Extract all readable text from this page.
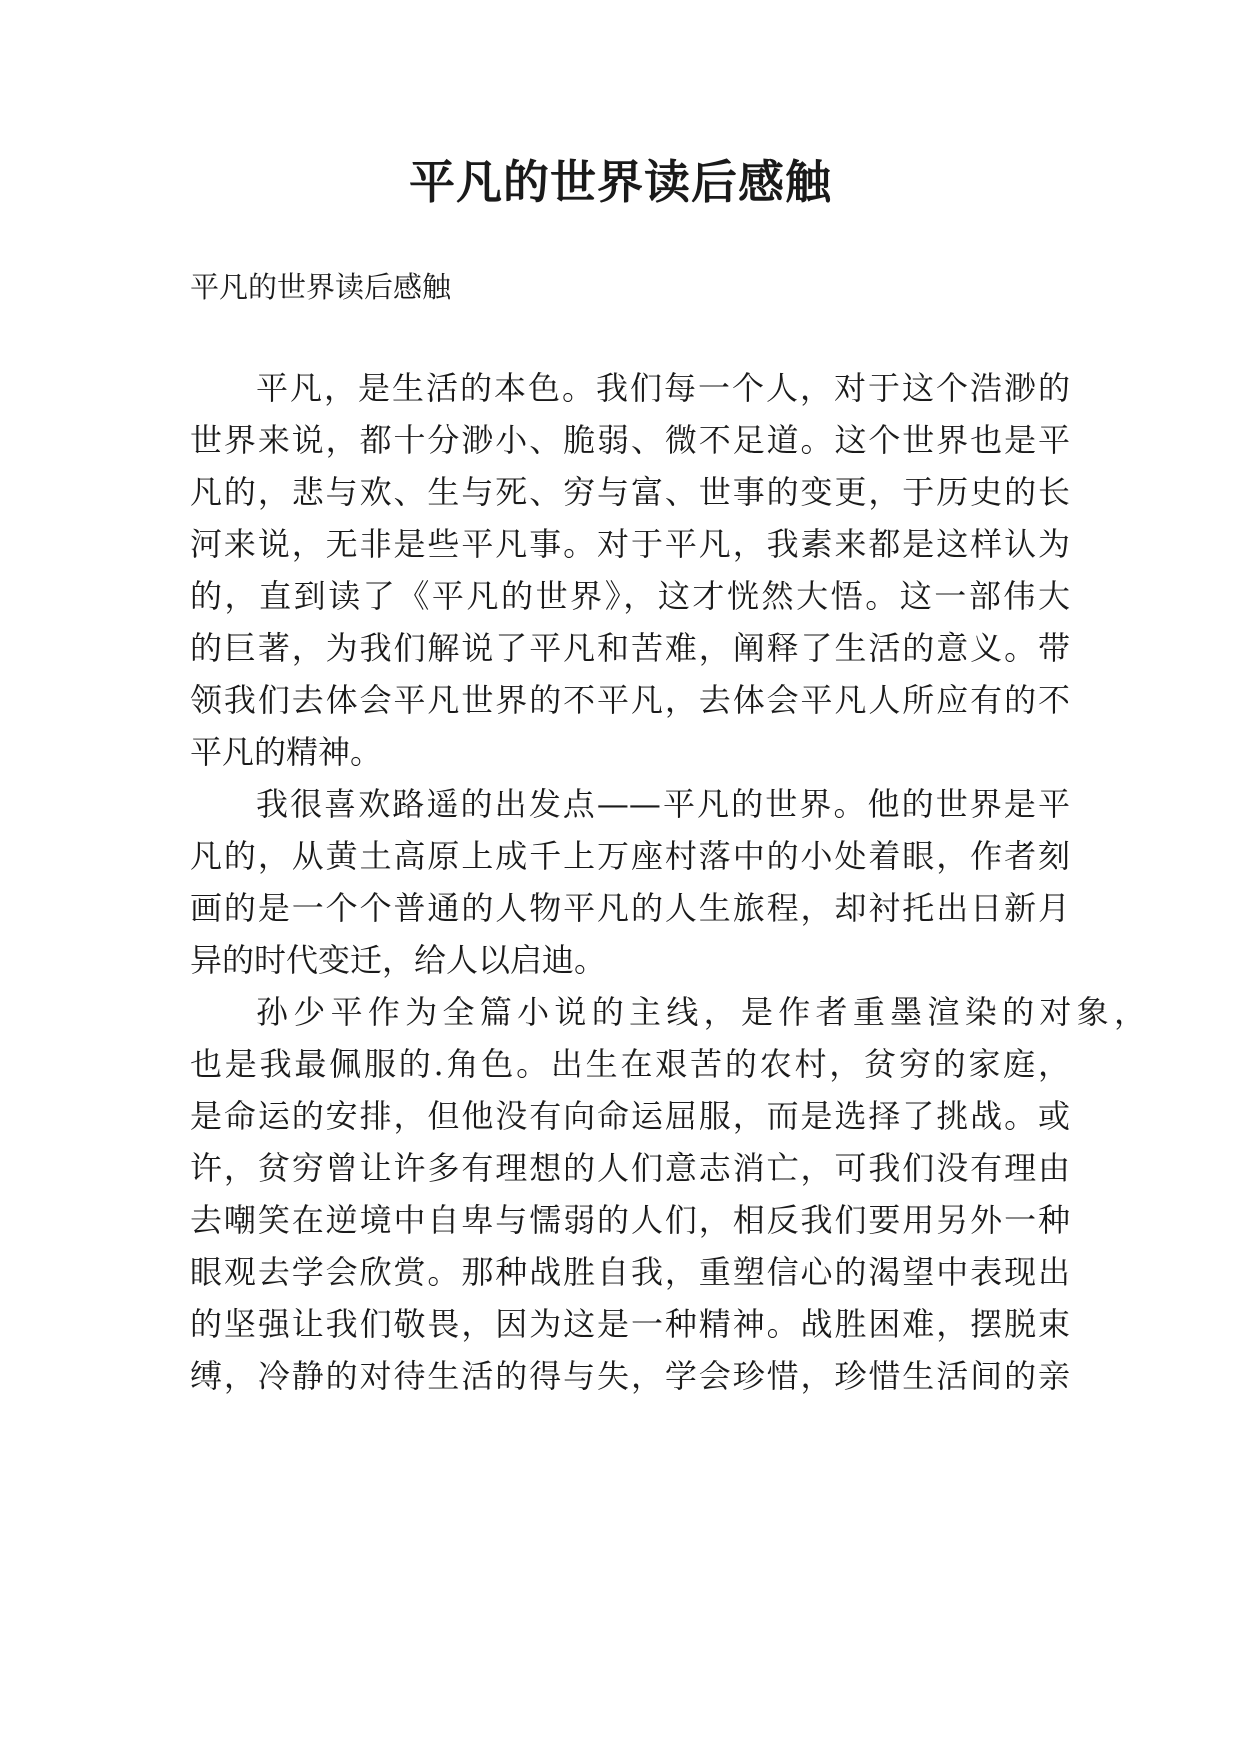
平凡的世界读后感触
平凡的世界读后感触
平凡，是生活的本色。我们每一个人，对于这个浩渺的
世界来说，都十分渺小、脆弱、微不足道。这个世界也是平
凡的，悲与欢、生与死、穷与富、世事的变更，于历史的长
河来说，无非是些平凡事。对于平凡，我素来都是这样认为
的，直到读了《平凡的世界》，这才恍然大悟。这一部伟大
的巨著，为我们解说了平凡和苦难，阐释了生活的意义。带
领我们去体会平凡世界的不平凡，去体会平凡人所应有的不
平凡的精神。
我很喜欢路遥的出发点——平凡的世界。他的世界是平
凡的，从黄土高原上成千上万座村落中的小处着眼，作者刻
画的是一个个普通的人物平凡的人生旅程，却衬托出日新月
异的时代变迁，给人以启迪。
孙少平作为全篇小说的主线，是作者重墨渲染的对象，
也是我最佩服的.角色。出生在艰苦的农村，贫穷的家庭，
是命运的安排，但他没有向命运屈服，而是选择了挑战。或
许，贫穷曾让许多有理想的人们意志消亡，可我们没有理由
去嘲笑在逆境中自卑与懦弱的人们，相反我们要用另外一种
眼观去学会欣赏。那种战胜自我，重塑信心的渴望中表现出
的坚强让我们敬畏，因为这是一种精神。战胜困难，摆脱束
缚，冷静的对待生活的得与失，学会珍惜，珍惜生活间的亲
